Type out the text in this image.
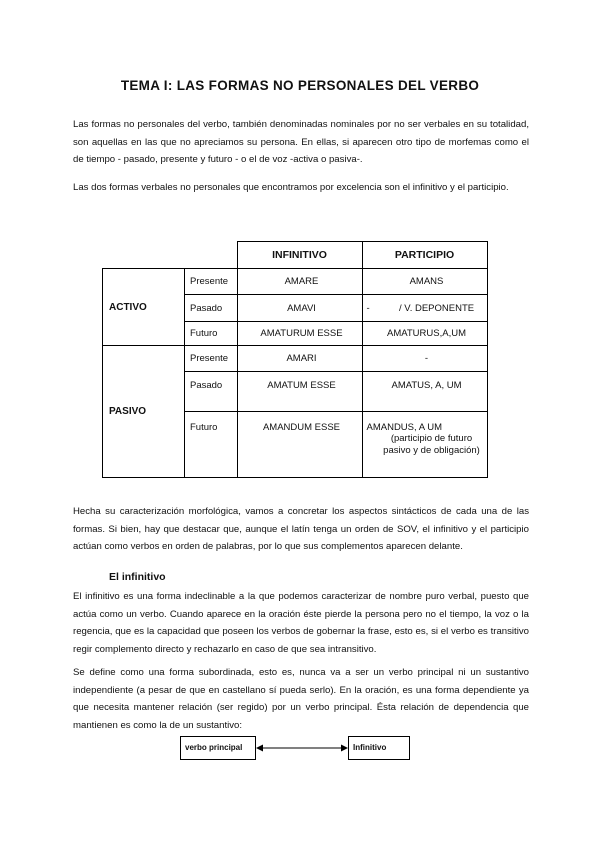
TEMA I: LAS FORMAS NO PERSONALES DEL VERBO

Las formas no personales del verbo, también denominadas nominales por no ser verbales en su totalidad, son aquellas en las que no apreciamos su persona. En ellas, si aparecen otro tipo de morfemas como el de tiempo - pasado, presente y futuro - o el de voz -activa o pasiva-.

Las dos formas verbales no personales que encontramos por excelencia son el infinitivo y el participio.

		INFINITIVO	PARTICIPIO
ACTIVO	Presente	AMARE	AMANS
	Pasado	AMAVI	- / V. DEPONENTE
	Futuro	AMATURUM ESSE	AMATURUS,A,UM
PASIVO	Presente	AMARI	-
	Pasado	AMATUM ESSE	AMATUS, A, UM
	Futuro	AMANDUM ESSE	AMANDUS, A UM
(participio de futuro pasivo y de obligación)

Hecha su caracterización morfológica, vamos a concretar los aspectos sintácticos de cada una de las formas. Si bien, hay que destacar que, aunque el latín tenga un orden de SOV, el infinitivo y el participio actúan como verbos en orden de palabras, por lo que sus complementos aparecen delante.

El infinitivo

El infinitivo es una forma indeclinable a la que podemos caracterizar de nombre puro verbal, puesto que actúa como un verbo. Cuando aparece en la oración éste pierde la persona pero no el tiempo, la voz o la regencia, que es la capacidad que poseen los verbos de gobernar la frase, esto es, si el verbo es transitivo regir complemento directo y rechazarlo en caso de que sea intransitivo.

Se define como una forma subordinada, esto es, nunca va a ser un verbo principal ni un sustantivo independiente (a pesar de que en castellano sí pueda serlo). En la oración, es una forma dependiente ya que necesita mantener relación (ser regido) por un verbo principal. Ésta relación de dependencia que mantienen es como la de un sustantivo:

verbo principal	Infinitivo
